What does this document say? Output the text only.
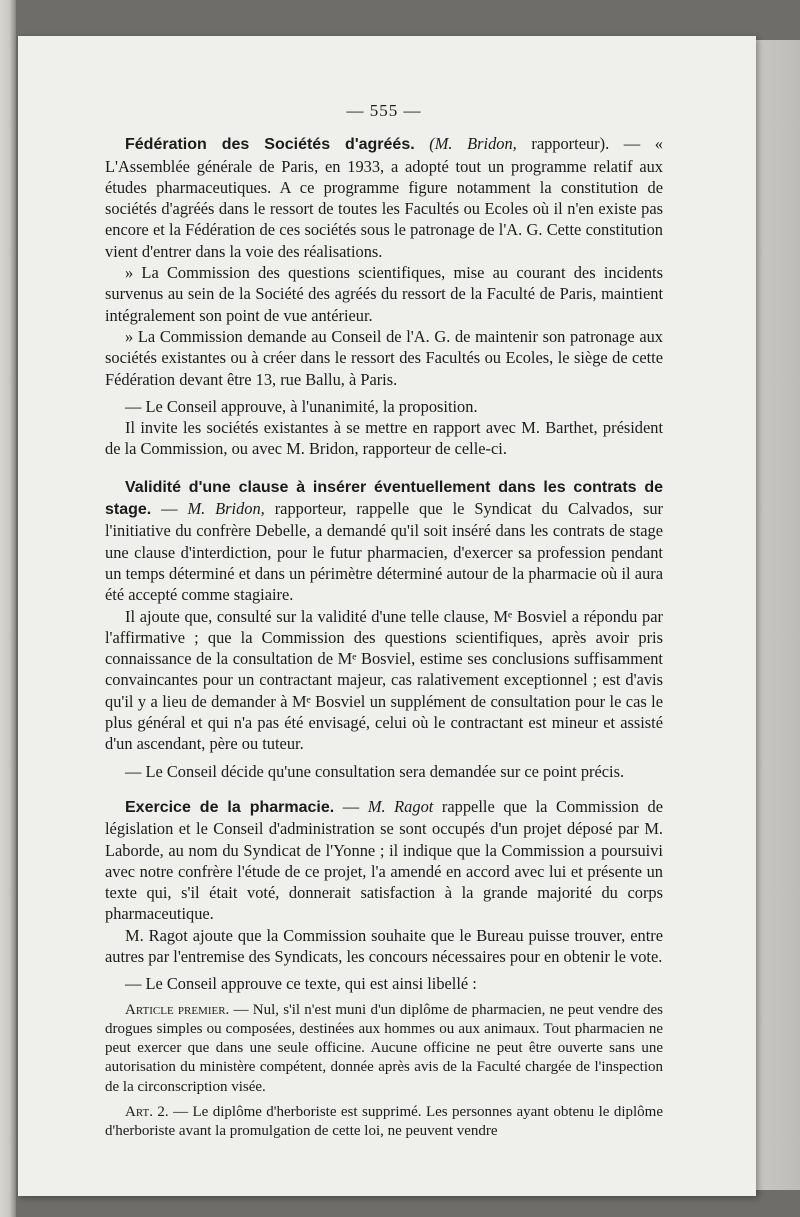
— 555 —

Fédération des Sociétés d'agréés. (M. Bridon, rapporteur). — « L'Assemblée générale de Paris, en 1933, a adopté tout un programme relatif aux études pharmaceutiques. A ce programme figure notamment la constitution de sociétés d'agréés dans le ressort de toutes les Facultés ou Ecoles où il n'en existe pas encore et la Fédération de ces sociétés sous le patronage de l'A. G. Cette constitution vient d'entrer dans la voie des réalisations.

» La Commission des questions scientifiques, mise au courant des incidents survenus au sein de la Société des agréés du ressort de la Faculté de Paris, maintient intégralement son point de vue antérieur.

» La Commission demande au Conseil de l'A. G. de maintenir son patronage aux sociétés existantes ou à créer dans le ressort des Facultés ou Ecoles, le siège de cette Fédération devant être 13, rue Ballu, à Paris.

— Le Conseil approuve, à l'unanimité, la proposition.

Il invite les sociétés existantes à se mettre en rapport avec M. Barthet, président de la Commission, ou avec M. Bridon, rapporteur de celle-ci.

Validité d'une clause à insérer éventuellement dans les contrats de stage. — M. Bridon, rapporteur, rappelle que le Syndicat du Calvados, sur l'initiative du confrère Debelle, a demandé qu'il soit inséré dans les contrats de stage une clause d'interdiction, pour le futur pharmacien, d'exercer sa profession pendant un temps déterminé et dans un périmètre déterminé autour de la pharmacie où il aura été accepté comme stagiaire.

Il ajoute que, consulté sur la validité d'une telle clause, Mᵉ Bosviel a répondu par l'affirmative ; que la Commission des questions scientifiques, après avoir pris connaissance de la consultation de Mᵉ Bosviel, estime ses conclusions suffisamment convaincantes pour un contractant majeur, cas ralativement exceptionnel ; est d'avis qu'il y a lieu de demander à Mᵉ Bosviel un supplément de consultation pour le cas le plus général et qui n'a pas été envisagé, celui où le contractant est mineur et assisté d'un ascendant, père ou tuteur.

— Le Conseil décide qu'une consultation sera demandée sur ce point précis.

Exercice de la pharmacie. — M. Ragot rappelle que la Commission de législation et le Conseil d'administration se sont occupés d'un projet déposé par M. Laborde, au nom du Syndicat de l'Yonne ; il indique que la Commission a poursuivi avec notre confrère l'étude de ce projet, l'a amendé en accord avec lui et présente un texte qui, s'il était voté, donnerait satisfaction à la grande majorité du corps pharmaceutique.

M. Ragot ajoute que la Commission souhaite que le Bureau puisse trouver, entre autres par l'entremise des Syndicats, les concours nécessaires pour en obtenir le vote.

— Le Conseil approuve ce texte, qui est ainsi libellé :

Article premier. — Nul, s'il n'est muni d'un diplôme de pharmacien, ne peut vendre des drogues simples ou composées, destinées aux hommes ou aux animaux. Tout pharmacien ne peut exercer que dans une seule officine. Aucune officine ne peut être ouverte sans une autorisation du ministère compétent, donnée après avis de la Faculté chargée de l'inspection de la circonscription visée.

Art. 2. — Le diplôme d'herboriste est supprimé. Les personnes ayant obtenu le diplôme d'herboriste avant la promulgation de cette loi, ne peuvent vendre
